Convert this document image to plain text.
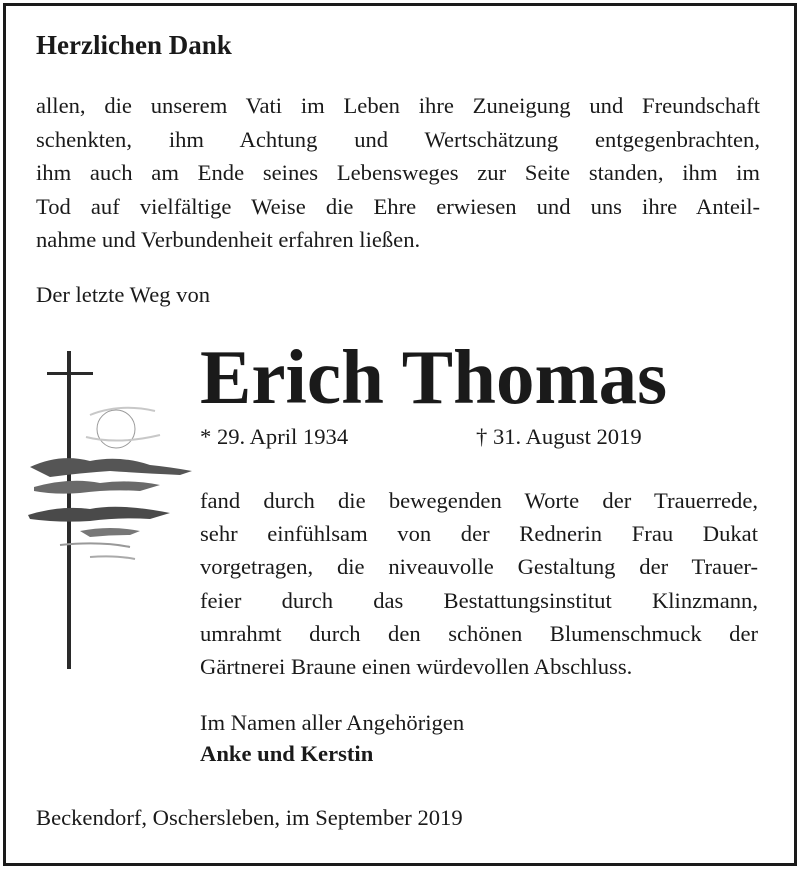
Herzlichen Dank
allen, die unserem Vati im Leben ihre Zuneigung und Freundschaft
schenkten, ihm Achtung und Wertschätzung entgegenbrachten,
ihm auch am Ende seines Lebensweges zur Seite standen, ihm im
Tod auf vielfältige Weise die Ehre erwiesen und uns ihre Anteil-
nahme und Verbundenheit erfahren ließen.
Der letzte Weg von
Erich Thomas
* 29. April 1934	† 31. August 2019
fand durch die bewegenden Worte der Trauerrede,
sehr einfühlsam von der Rednerin Frau Dukat
vorgetragen, die niveauvolle Gestaltung der Trauer-
feier durch das Bestattungsinstitut Klinzmann,
umrahmt durch den schönen Blumenschmuck der
Gärtnerei Braune einen würdevollen Abschluss.
Im Namen aller Angehörigen
Anke und Kerstin
Beckendorf, Oschersleben, im September 2019
